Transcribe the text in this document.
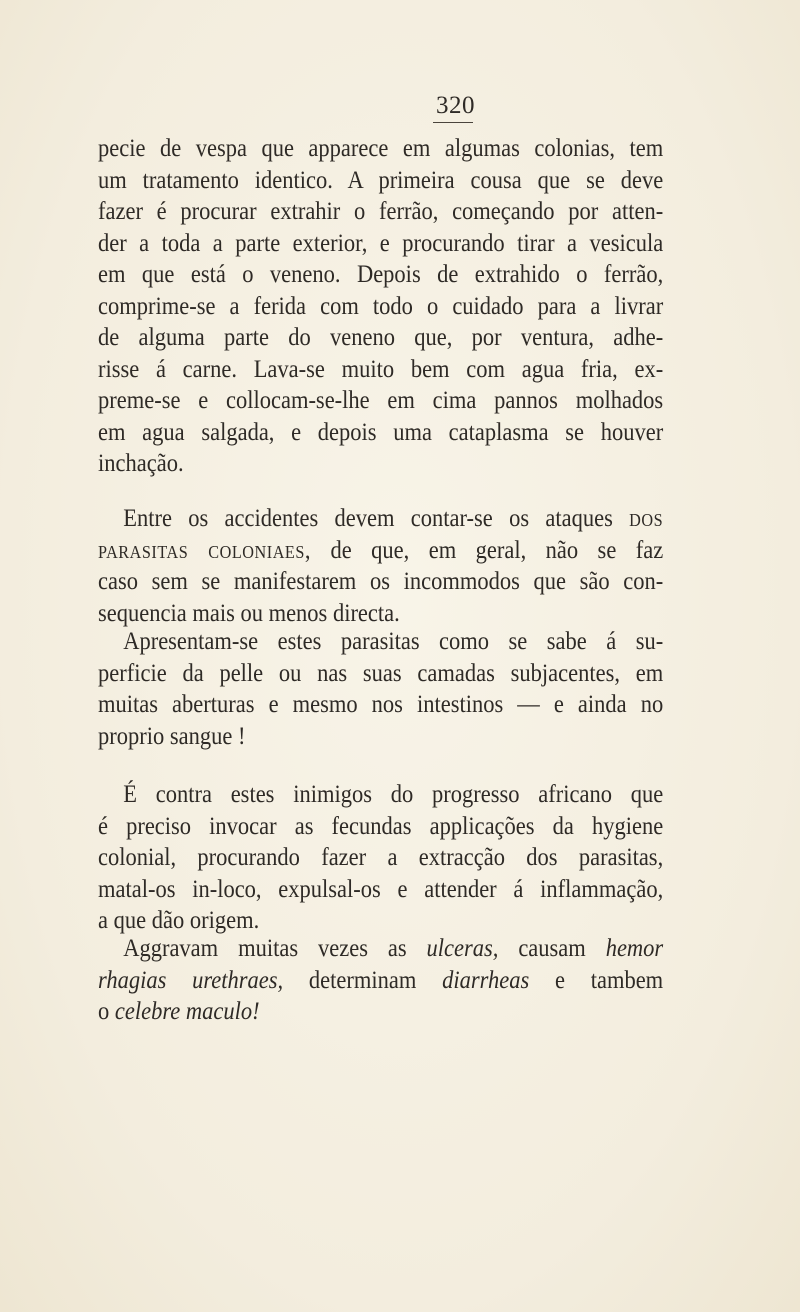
320
pecie de vespa que apparece em algumas colonias, tem
um tratamento identico. A primeira cousa que se deve
fazer é procurar extrahir o ferrão, começando por atten-
der a toda a parte exterior, e procurando tirar a vesicula
em que está o veneno. Depois de extrahido o ferrão,
comprime-se a ferida com todo o cuidado para a livrar
de alguma parte do veneno que, por ventura, adhe-
risse á carne. Lava-se muito bem com agua fria, ex-
preme-se e collocam-se-lhe em cima pannos molhados
em agua salgada, e depois uma cataplasma se houver
inchação.
Entre os accidentes devem contar-se os ataques dos
parasitas coloniaes, de que, em geral, não se faz
caso sem se manifestarem os incommodos que são con-
sequencia mais ou menos directa.
Apresentam-se estes parasitas como se sabe á su-
perficie da pelle ou nas suas camadas subjacentes, em
muitas aberturas e mesmo nos intestinos — e ainda no
proprio sangue !
É contra estes inimigos do progresso africano que
é preciso invocar as fecundas applicações da hygiene
colonial, procurando fazer a extracção dos parasitas,
matal-os in-loco, expulsal-os e attender á inflammação,
a que dão origem.
Aggravam muitas vezes as ulceras, causam hemor
rhagias urethraes, determinam diarrheas e tambem
o celebre maculo!
